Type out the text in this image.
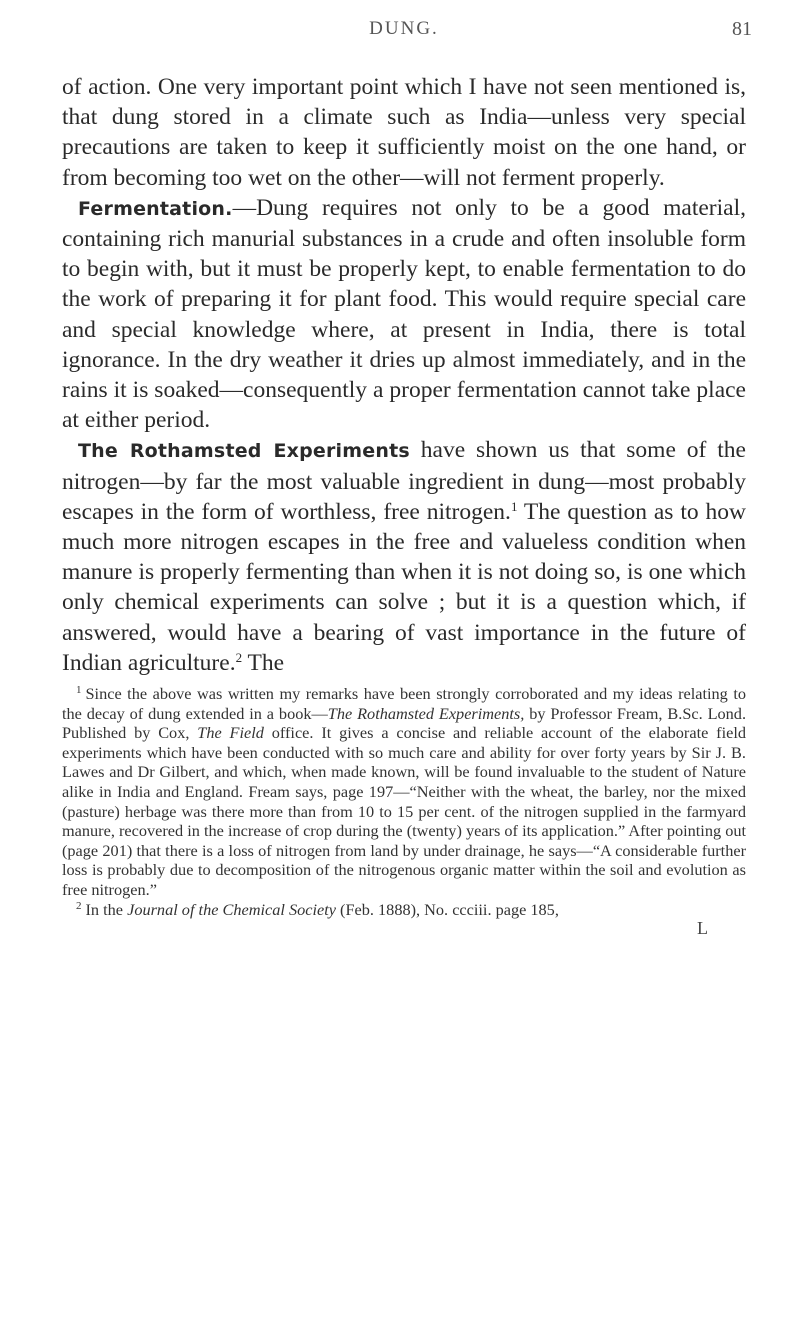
DUNG.	81

of action. One very important point which I have not seen mentioned is, that dung stored in a climate such as India—unless very special precautions are taken to keep it sufficiently moist on the one hand, or from becoming too wet on the other—will not ferment properly.

Fermentation.—Dung requires not only to be a good material, containing rich manurial substances in a crude and often insoluble form to begin with, but it must be properly kept, to enable fermentation to do the work of preparing it for plant food. This would require special care and special knowledge where, at present in India, there is total ignorance. In the dry weather it dries up almost immediately, and in the rains it is soaked—consequently a proper fermentation cannot take place at either period.

The Rothamsted Experiments have shown us that some of the nitrogen—by far the most valuable ingredient in dung—most probably escapes in the form of worthless, free nitrogen.$^1$ The question as to how much more nitrogen escapes in the free and valueless condition when manure is properly fermenting than when it is not doing so, is one which only chemical experiments can solve ; but it is a question which, if answered, would have a bearing of vast importance in the future of Indian agriculture.$^2$ The

$^1$ Since the above was written my remarks have been strongly corroborated and my ideas relating to the decay of dung extended in a book—The Rothamsted Experiments, by Professor Fream, B.Sc. Lond. Published by Cox, The Field office. It gives a concise and reliable account of the elaborate field experiments which have been conducted with so much care and ability for over forty years by Sir J. B. Lawes and Dr Gilbert, and which, when made known, will be found invaluable to the student of Nature alike in India and England. Fream says, page 197—“Neither with the wheat, the barley, nor the mixed (pasture) herbage was there more than from 10 to 15 per cent. of the nitrogen supplied in the farmyard manure, recovered in the increase of crop during the (twenty) years of its application.” After pointing out (page 201) that there is a loss of nitrogen from land by under drainage, he says—“A considerable further loss is probably due to decomposition of the nitrogenous organic matter within the soil and evolution as free nitrogen.”

$^2$ In the Journal of the Chemical Society (Feb. 1888), No. ccciii. page 185,

L
